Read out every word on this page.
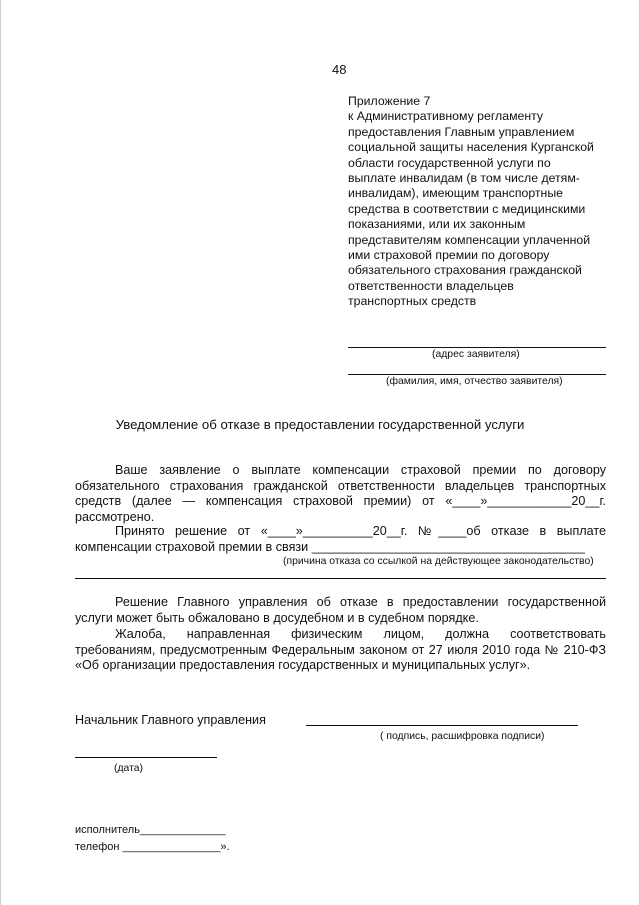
48
Приложение 7
к Административному регламенту
предоставления Главным управлением
социальной защиты населения Курганской
области государственной услуги по
выплате инвалидам (в том числе детям-
инвалидам), имеющим транспортные
средства в соответствии с медицинскими
показаниями, или их законным
представителям компенсации уплаченной
ими страховой премии по договору
обязательного страхования гражданской
ответственности владельцев
транспортных средств
(адрес заявителя)
(фамилия, имя, отчество заявителя)
Уведомление об отказе в предоставлении государственной услуги
Ваше заявление о выплате компенсации страховой премии по договору
обязательного страхования гражданской ответственности владельцев транспортных
средств (далее — компенсация страховой премии) от «____»____________20__г.
рассмотрено.
Принято решение от «____»__________20__г. №____об отказе в выплате
компенсации страховой премии в связи _______________________________________
(причина отказа со ссылкой на действующее законодательство)
Решение Главного управления об отказе в предоставлении государственной
услуги может быть обжаловано в досудебном и в судебном порядке.
Жалоба, направленная физическим лицом, должна соответствовать
требованиям, предусмотренным Федеральным законом от 27 июля 2010 года № 210-ФЗ
«Об организации предоставления государственных и муниципальных услуг».
Начальник Главного управления
( подпись, расшифровка подписи)
(дата)
исполнитель______________
телефон ________________».
